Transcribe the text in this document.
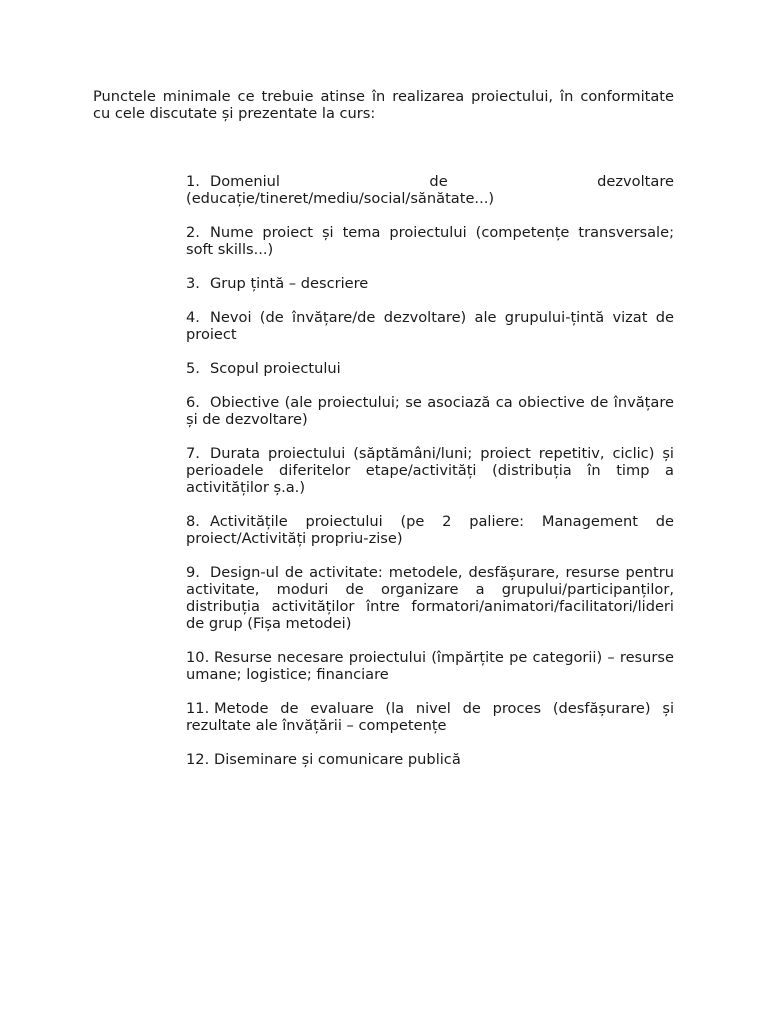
Punctele minimale ce trebuie atinse în realizarea proiectului, în conformitate cu cele discutate și prezentate la curs:

1. Domeniul de dezvoltare (educație/tineret/mediu/social/sănătate...)
2. Nume proiect și tema proiectului (competențe transversale; soft skills...)
3. Grup țintă – descriere
4. Nevoi (de învățare/de dezvoltare) ale grupului-țintă vizat de proiect
5. Scopul proiectului
6. Obiective (ale proiectului; se asociază ca obiective de învățare și de dezvoltare)
7. Durata proiectului (săptămâni/luni; proiect repetitiv, ciclic) și perioadele diferitelor etape/activități (distribuția în timp a activităților ș.a.)
8. Activitățile proiectului (pe 2 paliere: Management de proiect/Activități propriu-zise)
9. Design-ul de activitate: metodele, desfășurare, resurse pentru activitate, moduri de organizare a grupului/participanților, distribuția activităților între formatori/animatori/facilitatori/lideri de grup (Fișa metodei)
10. Resurse necesare proiectului (împărțite pe categorii) – resurse umane; logistice; financiare
11. Metode de evaluare (la nivel de proces (desfășurare) și rezultate ale învățării – competențe
12. Diseminare și comunicare publică
